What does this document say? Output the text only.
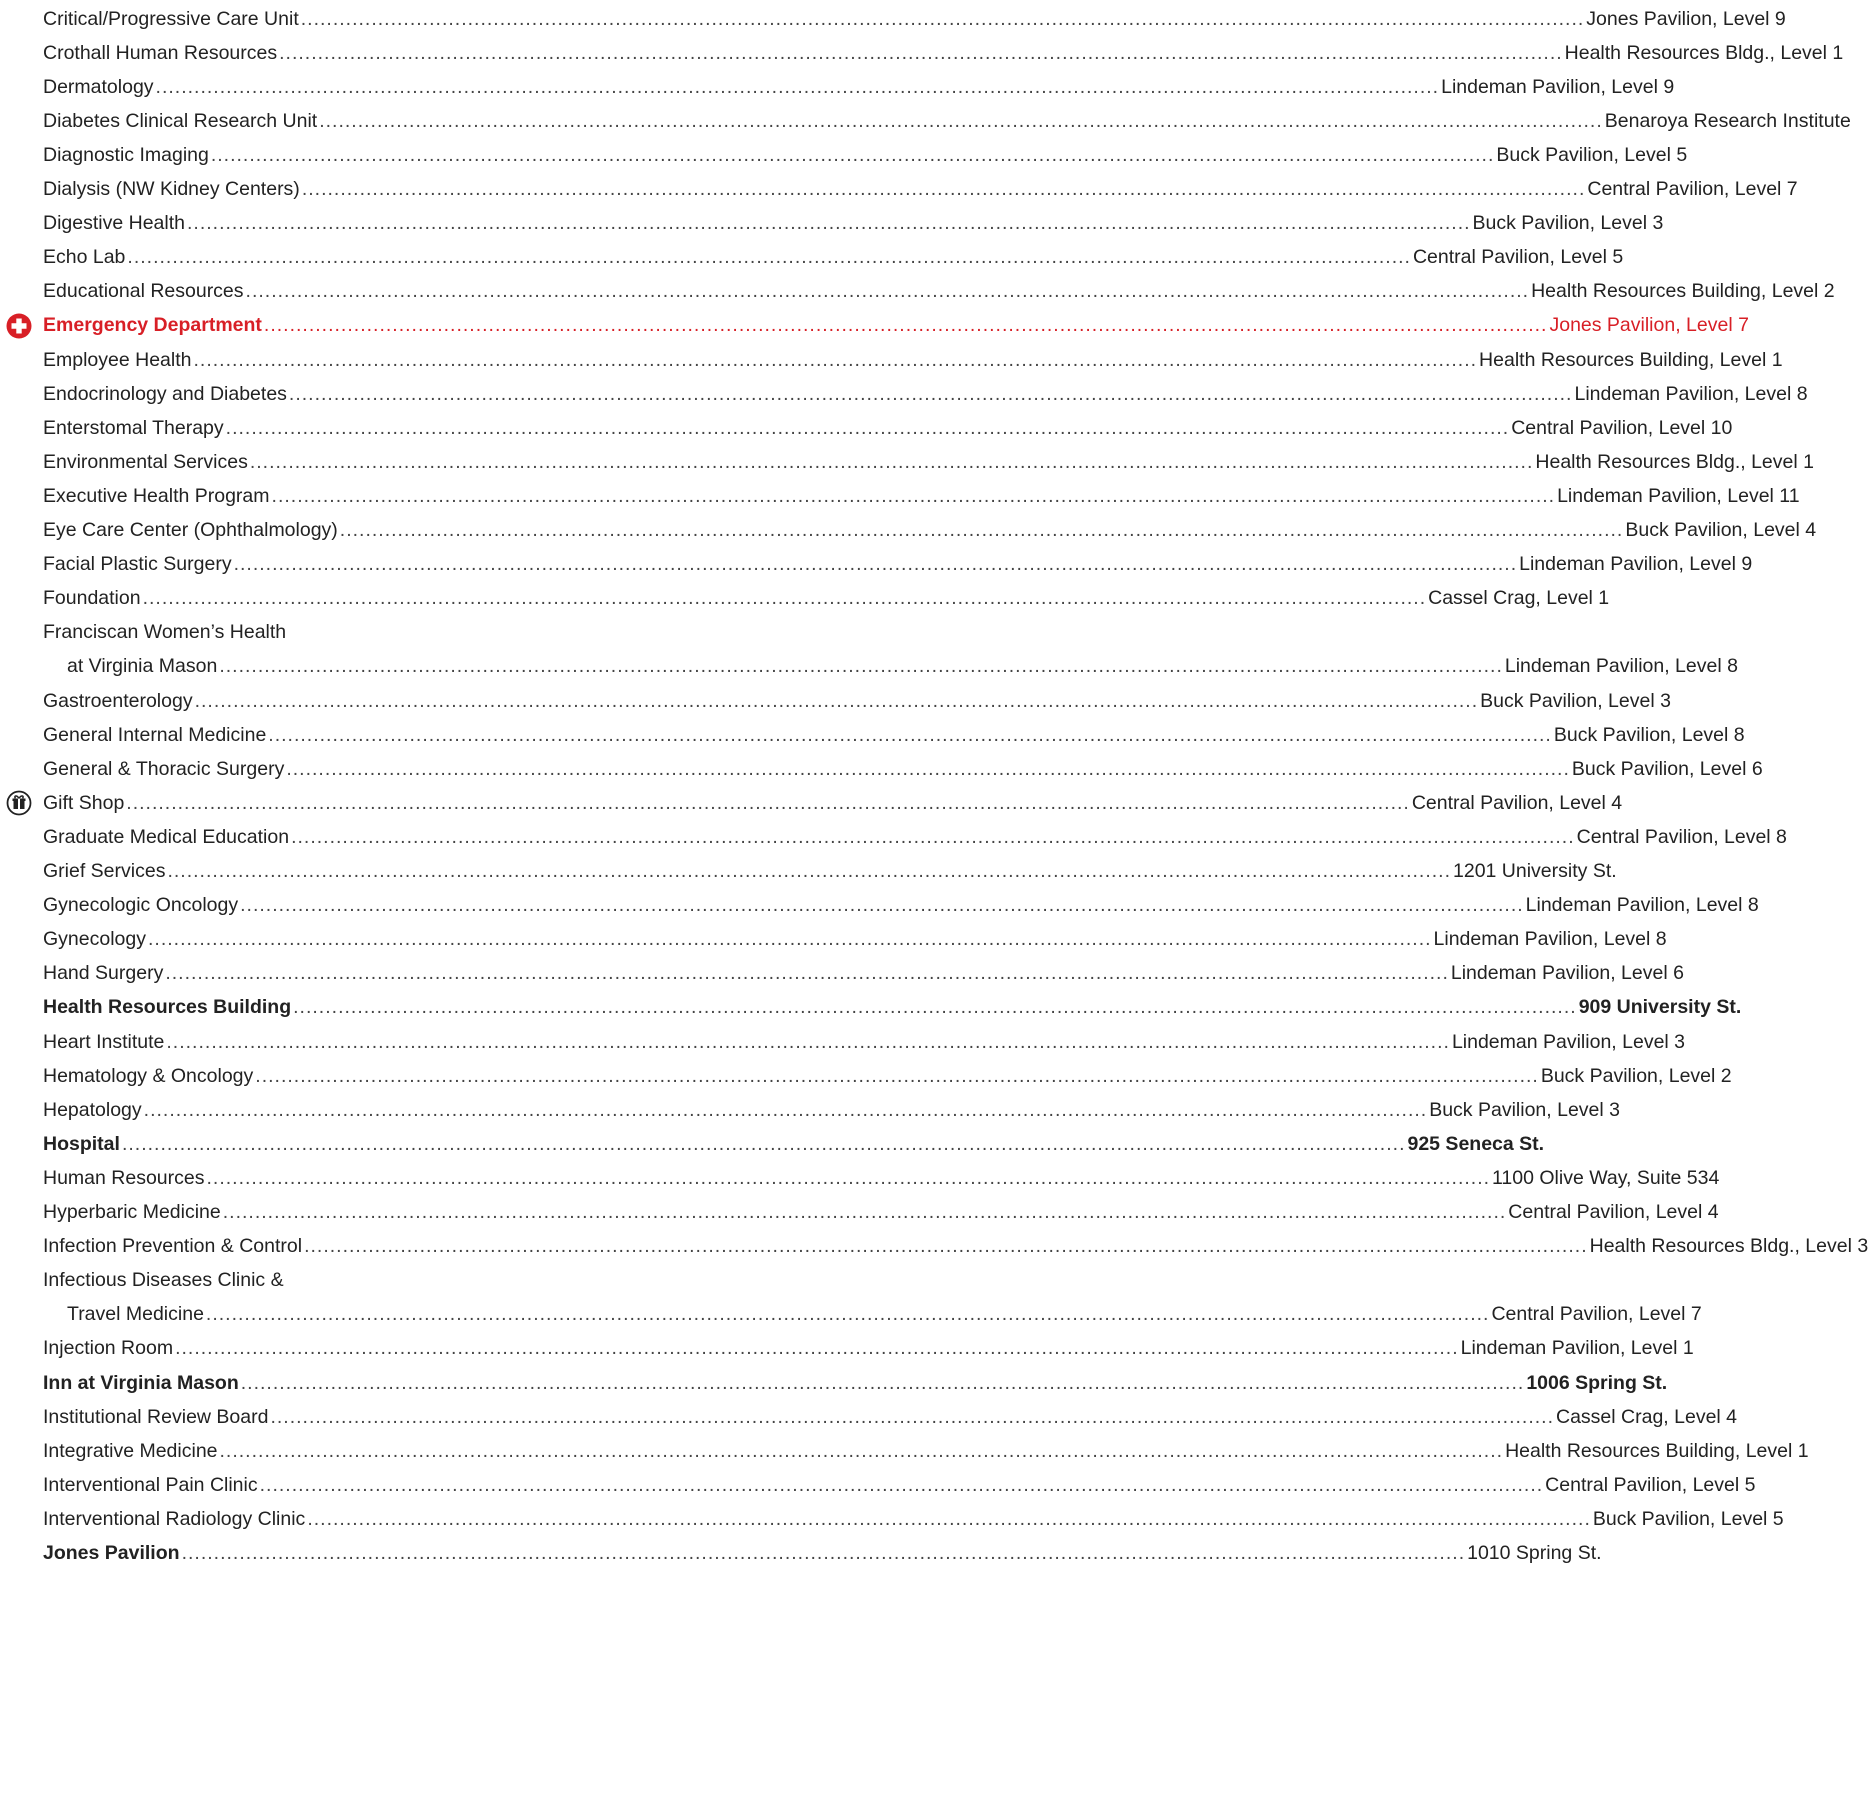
Critical/Progressive Care Unit ........................................................................................................................................................................................................ Jones Pavilion, Level 9
Crothall Human Resources ........................................................................................................................................................................................................ Health Resources Bldg., Level 1
Dermatology ........................................................................................................................................................................................................ Lindeman Pavilion, Level 9
Diabetes Clinical Research Unit ........................................................................................................................................................................................................ Benaroya Research Institute
Diagnostic Imaging ........................................................................................................................................................................................................ Buck Pavilion, Level 5
Dialysis (NW Kidney Centers) ........................................................................................................................................................................................................ Central Pavilion, Level 7
Digestive Health ........................................................................................................................................................................................................ Buck Pavilion, Level 3
Echo Lab ........................................................................................................................................................................................................ Central Pavilion, Level 5
Educational Resources ........................................................................................................................................................................................................ Health Resources Building, Level 2
Emergency Department ........................................................................................................................................................................................................ Jones Pavilion, Level 7
Employee Health ........................................................................................................................................................................................................ Health Resources Building, Level 1
Endocrinology and Diabetes ........................................................................................................................................................................................................ Lindeman Pavilion, Level 8
Enterstomal Therapy ........................................................................................................................................................................................................ Central Pavilion, Level 10
Environmental Services ........................................................................................................................................................................................................ Health Resources Bldg., Level 1
Executive Health Program ........................................................................................................................................................................................................ Lindeman Pavilion, Level 11
Eye Care Center (Ophthalmology) ........................................................................................................................................................................................................ Buck Pavilion, Level 4
Facial Plastic Surgery ........................................................................................................................................................................................................ Lindeman Pavilion, Level 9
Foundation ........................................................................................................................................................................................................ Cassel Crag, Level 1
Franciscan Women’s Health
at Virginia Mason ........................................................................................................................................................................................................ Lindeman Pavilion, Level 8
Gastroenterology ........................................................................................................................................................................................................ Buck Pavilion, Level 3
General Internal Medicine ........................................................................................................................................................................................................ Buck Pavilion, Level 8
General & Thoracic Surgery ........................................................................................................................................................................................................ Buck Pavilion, Level 6
Gift Shop ........................................................................................................................................................................................................ Central Pavilion, Level 4
Graduate Medical Education ........................................................................................................................................................................................................ Central Pavilion, Level 8
Grief Services ........................................................................................................................................................................................................ 1201 University St.
Gynecologic Oncology ........................................................................................................................................................................................................ Lindeman Pavilion, Level 8
Gynecology ........................................................................................................................................................................................................ Lindeman Pavilion, Level 8
Hand Surgery ........................................................................................................................................................................................................ Lindeman Pavilion, Level 6
Health Resources Building ........................................................................................................................................................................................................ 909 University St.
Heart Institute ........................................................................................................................................................................................................ Lindeman Pavilion, Level 3
Hematology & Oncology ........................................................................................................................................................................................................ Buck Pavilion, Level 2
Hepatology ........................................................................................................................................................................................................ Buck Pavilion, Level 3
Hospital ........................................................................................................................................................................................................ 925 Seneca St.
Human Resources ........................................................................................................................................................................................................ 1100 Olive Way, Suite 534
Hyperbaric Medicine ........................................................................................................................................................................................................ Central Pavilion, Level 4
Infection Prevention & Control ........................................................................................................................................................................................................ Health Resources Bldg., Level 3
Infectious Diseases Clinic &
Travel Medicine ........................................................................................................................................................................................................ Central Pavilion, Level 7
Injection Room ........................................................................................................................................................................................................ Lindeman Pavilion, Level 1
Inn at Virginia Mason ........................................................................................................................................................................................................ 1006 Spring St.
Institutional Review Board ........................................................................................................................................................................................................ Cassel Crag, Level 4
Integrative Medicine ........................................................................................................................................................................................................ Health Resources Building, Level 1
Interventional Pain Clinic ........................................................................................................................................................................................................ Central Pavilion, Level 5
Interventional Radiology Clinic ........................................................................................................................................................................................................ Buck Pavilion, Level 5
Jones Pavilion ........................................................................................................................................................................................................ 1010 Spring St.
